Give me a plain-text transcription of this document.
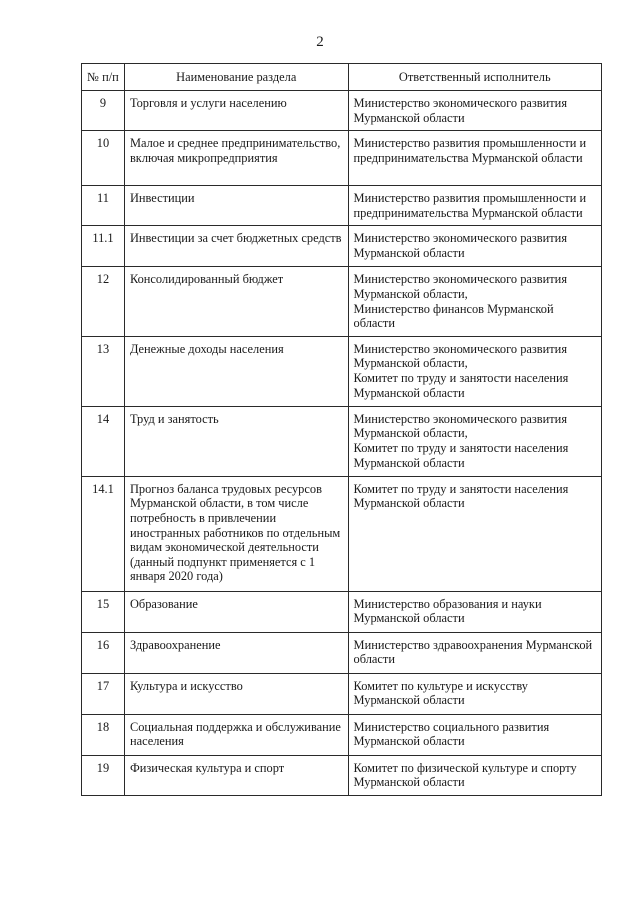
2
№ п/п	Наименование раздела	Ответственный исполнитель
9	Торговля и услуги населению	Министерство экономического развития Мурманской области

10	Малое и среднее предпринимательство, включая микропредприятия	Министерство развития промышленности и предпринимательства Мурманской области

11	Инвестиции	Министерство развития промышленности и предпринимательства Мурманской области

11.1	Инвестиции за счет бюджетных средств	Министерство экономического развития Мурманской области

12	Консолидированный бюджет	Министерство экономического развития Мурманской области,
Министерство финансов Мурманской области

13	Денежные доходы населения	Министерство экономического развития Мурманской области,
Комитет по труду и занятости населения Мурманской области

14	Труд и занятость	Министерство экономического развития Мурманской области,
Комитет по труду и занятости населения Мурманской области

14.1	Прогноз баланса трудовых ресурсов Мурманской области, в том числе потребность в привлечении иностранных работников по отдельным видам экономической деятельности (данный подпункт применяется с 1 января 2020 года)	Комитет по труду и занятости населения Мурманской области

15	Образование	Министерство образования и науки Мурманской области

16	Здравоохранение	Министерство здравоохранения Мурманской области

17	Культура и искусство	Комитет по культуре и искусству Мурманской области

18	Социальная поддержка и обслуживание населения	Министерство социального развития Мурманской области

19	Физическая культура и спорт	Комитет по физической культуре и спорту Мурманской области
